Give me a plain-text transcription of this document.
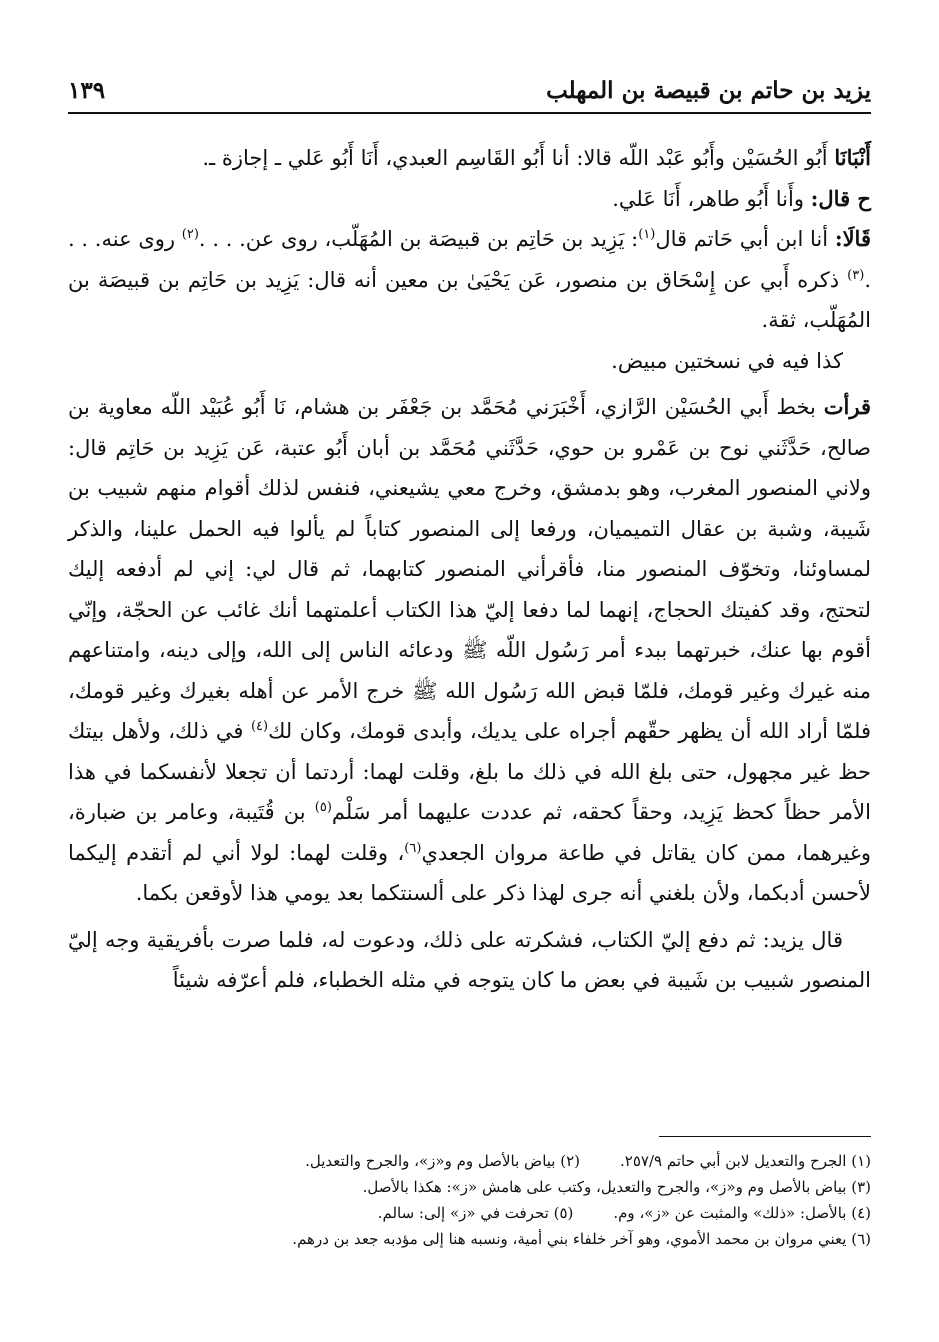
يزيد بن حاتم بن قبيصة بن المهلب
١٣٩

أَنْبَانَا أَبُو الحُسَيْن وأَبُو عَبْد اللّه قالا: أنا أَبُو القَاسِم العبدي، أَنَا أَبُو عَلي ـ إجازة ـ.

ح قال: وأَنا أَبُو طاهر، أَنَا عَلي.

قَالَا: أنا ابن أبي حَاتم قال$^{(١)}$: يَزِيد بن حَاتِم بن قبيصَة بن المُهَلّب، روى عن. . . .$^{(٢)}$ روى عنه. . . .$^{(٣)}$ ذكره أَبي عن إِسْحَاق بن منصور، عَن يَحْيَىٰ بن معين أنه قال: يَزِيد بن حَاتِم بن قبيصَة بن المُهَلّب، ثقة.

كذا فيه في نسختين مبيض.

قرأت بخط أَبي الحُسَيْن الرَّازي، أَخْبَرَني مُحَمَّد بن جَعْفَر بن هشام، نَا أَبُو عُبَيْد اللّه معاوية بن صالح، حَدَّثَني نوح بن عَمْرو بن حوي، حَدَّثَني مُحَمَّد بن أبان أَبُو عتبة، عَن يَزِيد بن حَاتِم قال: ولاني المنصور المغرب، وهو بدمشق، وخرج معي يشيعني، فنفس لذلك أقوام منهم شبيب بن شَيبة، وشبة بن عقال التميميان، ورفعا إلى المنصور كتاباً لم يألوا فيه الحمل علينا، والذكر لمساوئنا، وتخوّف المنصور منا، فأقرأني المنصور كتابهما، ثم قال لي: إني لم أدفعه إليك لتحتج، وقد كفيتك الحجاج، إنهما لما دفعا إليّ هذا الكتاب أعلمتهما أنك غائب عن الحجّة، وإنّي أقوم بها عنك، خبرتهما ببدء أمر رَسُول اللّه ﷺ ودعائه الناس إلى الله، وإلى دينه، وامتناعهم منه غيرك وغير قومك، فلمّا قبض الله رَسُول الله ﷺ خرج الأمر عن أهله بغيرك وغير قومك، فلمّا أراد الله أن يظهر حقّهم أجراه على يديك، وأبدى قومك، وكان لك$^{(٤)}$ في ذلك، ولأهل بيتك حظ غير مجهول، حتى بلغ الله في ذلك ما بلغ، وقلت لهما: أردتما أن تجعلا لأنفسكما في هذا الأمر حظاً كحظ يَزِيد، وحقاً كحقه، ثم عددت عليهما أمر سَلْم$^{(٥)}$ بن قُتَيبة، وعامر بن ضبارة، وغيرهما، ممن كان يقاتل في طاعة مروان الجعدي$^{(٦)}$، وقلت لهما: لولا أني لم أتقدم إليكما لأحسن أدبكما، ولأن بلغني أنه جرى لهذا ذكر على ألسنتكما بعد يومي هذا لأوقعن بكما.

قال يزيد: ثم دفع إليّ الكتاب، فشكرته على ذلك، ودعوت له، فلما صرت بأفريقية وجه إليّ المنصور شبيب بن شَيبة في بعض ما كان يتوجه في مثله الخطباء، فلم أعرّفه شيئاً

(١) الجرح والتعديل لابن أبي حاتم ٢٥٧/٩.
(٢) بياض بالأصل وم و«ز»، والجرح والتعديل.
(٣) بياض بالأصل وم و«ز»، والجرح والتعديل، وكتب على هامش «ز»: هكذا بالأصل.
(٤) بالأصل: «ذلك» والمثبت عن «ز»، وم.
(٥) تحرفت في «ز» إلى: سالم.
(٦) يعني مروان بن محمد الأموي، وهو آخر خلفاء بني أمية، ونسبه هنا إلى مؤدبه جعد بن درهم.
